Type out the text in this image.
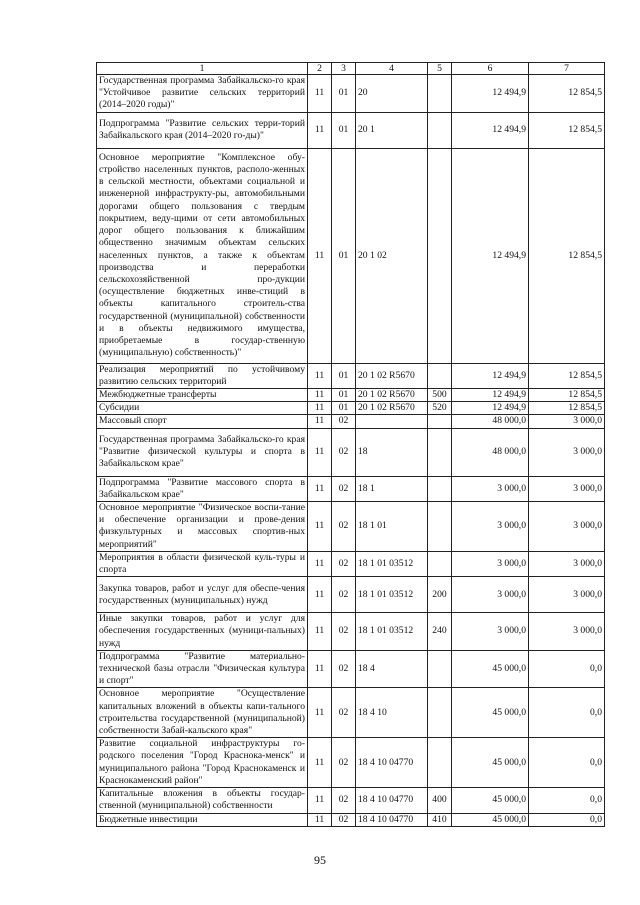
1	2	3	4	5	6	7
Государственная программа Забайкальско-го края "Устойчивое развитие сельских территорий (2014–2020 годы)"	11	01	20		12 494,9	12 854,5
Подпрограмма "Развитие сельских терри-торий Забайкальского края (2014–2020 го-ды)"	11	01	20 1		12 494,9	12 854,5
Основное мероприятие "Комплексное обу-стройство населенных пунктов, располо-женных в сельской местности, объектами социальной и инженерной инфраструкту-ры, автомобильными дорогами общего пользования с твердым покрытием, веду-щими от сети автомобильных дорог общего пользования к ближайшим общественно значимым объектам сельских населенных пунктов, а также к объектам производства и переработки сельскохозяйственной про-дукции (осуществление бюджетных инве-стиций в объекты капитального строитель-ства государственной (муниципальной) собственности и в объекты недвижимого имущества, приобретаемые в государ-ственную (муниципальную) собственность)"	11	01	20 1 02		12 494,9	12 854,5
Реализация мероприятий по устойчивому развитию сельских территорий	11	01	20 1 02 R5670		12 494,9	12 854,5
Межбюджетные трансферты	11	01	20 1 02 R5670	500	12 494,9	12 854,5
Субсидии	11	01	20 1 02 R5670	520	12 494,9	12 854,5
Массовый спорт	11	02			48 000,0	3 000,0
Государственная программа Забайкальско-го края "Развитие физической культуры и спорта в Забайкальском крае"	11	02	18		48 000,0	3 000,0
Подпрограмма "Развитие массового спорта в Забайкальском крае"	11	02	18 1		3 000,0	3 000,0
Основное мероприятие "Физическое воспи-тание и обеспечение организации и прове-дения физкультурных и массовых спортив-ных мероприятий"	11	02	18 1 01		3 000,0	3 000,0
Мероприятия в области физической куль-туры и спорта	11	02	18 1 01 03512		3 000,0	3 000,0
Закупка товаров, работ и услуг для обеспе-чения государственных (муниципальных) нужд	11	02	18 1 01 03512	200	3 000,0	3 000,0
Иные закупки товаров, работ и услуг для обеспечения государственных (муници-пальных) нужд	11	02	18 1 01 03512	240	3 000,0	3 000,0
Подпрограмма "Развитие материально-технической базы отрасли "Физическая культура и спорт"	11	02	18 4		45 000,0	0,0
Основное мероприятие "Осуществление капитальных вложений в объекты капи-тального строительства государственной (муниципальной) собственности Забай-кальского края"	11	02	18 4 10		45 000,0	0,0
Развитие социальной инфраструктуры го-родского поселения "Город Краснока-менск" и муниципального района "Город Краснокаменск и Краснокаменский район"	11	02	18 4 10 04770		45 000,0	0,0
Капитальные вложения в объекты государ-ственной (муниципальной) собственности	11	02	18 4 10 04770	400	45 000,0	0,0
Бюджетные инвестиции	11	02	18 4 10 04770	410	45 000,0	0,0
95
